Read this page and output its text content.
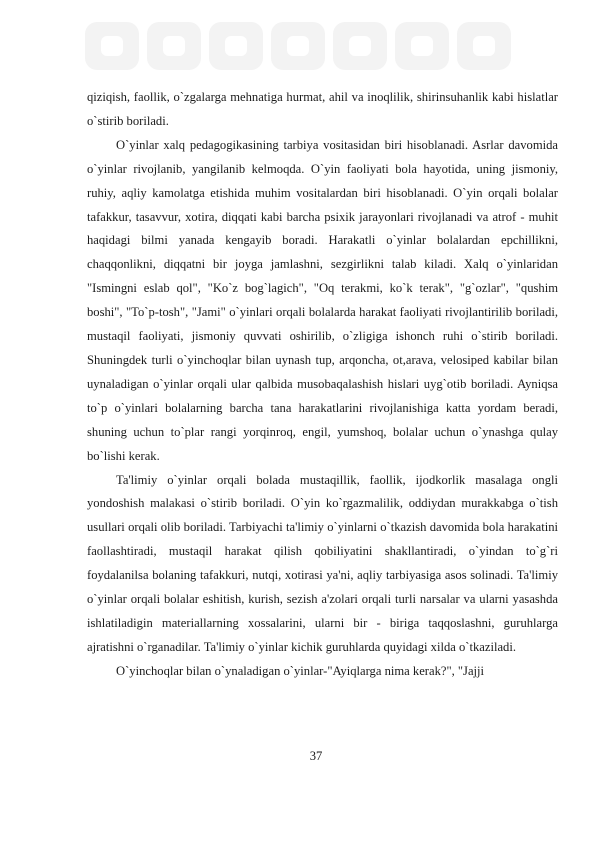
qiziqish, faollik, o`zgalarga mehnatiga hurmat, ahil va inoqlilik, shirinsuhanlik kabi hislatlar o`stirib boriladi.

O`yinlar xalq pedagogikasining tarbiya vositasidan biri hisoblanadi. Asrlar davomida o`yinlar rivojlanib, yangilanib kelmoqda. O`yin faoliyati bola hayotida, uning jismoniy, ruhiy, aqliy kamolatga etishida muhim vositalardan biri hisoblanadi. O`yin orqali bolalar tafakkur, tasavvur, xotira, diqqati kabi barcha psixik jarayonlari rivojlanadi va atrof - muhit haqidagi bilmi yanada kengayib boradi. Harakatli o`yinlar bolalardan epchillikni, chaqqonlikni, diqqatni bir joyga jamlashni, sezgirlikni talab kiladi. Xalq o`yinlaridan "Ismingni eslab qol", "Ko`z bog`lagich", "Oq terakmi, ko`k terak", "g`ozlar", "qushim boshi", "To`p-tosh", "Jami" o`yinlari orqali bolalarda harakat faoliyati rivojlantirilib boriladi, mustaqil faoliyati, jismoniy quvvati oshirilib, o`zligiga ishonch ruhi o`stirib boriladi. Shuningdek turli o`yinchoqlar bilan uynash tup, arqoncha, ot,arava, velosiped kabilar bilan uynaladigan o`yinlar orqali ular qalbida musobaqalashish hislari uyg`otib boriladi. Ayniqsa to`p o`yinlari bolalarning barcha tana harakatlarini rivojlanishiga katta yordam beradi, shuning uchun to`plar rangi yorqinroq, engil, yumshoq, bolalar uchun o`ynashga qulay bo`lishi kerak.

Ta'limiy o`yinlar orqali bolada mustaqillik, faollik, ijodkorlik masalaga ongli yondoshish malakasi o`stirib boriladi. O`yin ko`rgazmalilik, oddiydan murakkabga o`tish usullari orqali olib boriladi. Tarbiyachi ta'limiy o`yinlarni o`tkazish davomida bola harakatini faollashtiradi, mustaqil harakat qilish qobiliyatini shakllantiradi, o`yindan to`g`ri foydalanilsa bolaning tafakkuri, nutqi, xotirasi ya'ni, aqliy tarbiyasiga asos solinadi. Ta'limiy o`yinlar orqali bolalar eshitish, kurish, sezish a'zolari orqali turli narsalar va ularni yasashda ishlatiladigin materiallarning xossalarini, ularni bir - biriga taqqoslashni, guruhlarga ajratishni o`rganadilar. Ta'limiy o`yinlar kichik guruhlarda quyidagi xilda o`tkaziladi.

O`yinchoqlar bilan o`ynaladigan o`yinlar-"Ayiqlarga nima kerak?", "Jajji

37
